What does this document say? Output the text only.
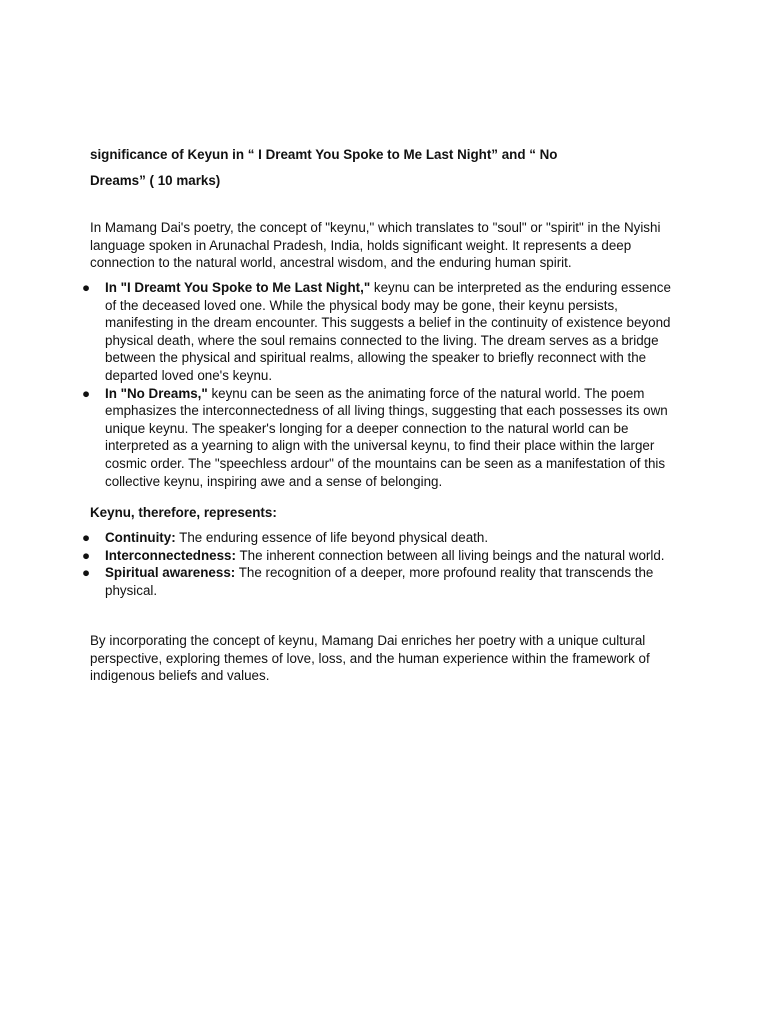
significance of Keyun in “ I Dreamt You Spoke to Me Last Night” and “ No
Dreams” ( 10 marks)
In Mamang Dai's poetry, the concept of "keynu," which translates to "soul" or "spirit" in the Nyishi language spoken in Arunachal Pradesh, India, holds significant weight. It represents a deep connection to the natural world, ancestral wisdom, and the enduring human spirit.
● In "I Dreamt You Spoke to Me Last Night," keynu can be interpreted as the enduring essence of the deceased loved one. While the physical body may be gone, their keynu persists, manifesting in the dream encounter. This suggests a belief in the continuity of existence beyond physical death, where the soul remains connected to the living. The dream serves as a bridge between the physical and spiritual realms, allowing the speaker to briefly reconnect with the departed loved one's keynu.
● In "No Dreams," keynu can be seen as the animating force of the natural world. The poem emphasizes the interconnectedness of all living things, suggesting that each possesses its own unique keynu. The speaker's longing for a deeper connection to the natural world can be interpreted as a yearning to align with the universal keynu, to find their place within the larger cosmic order. The "speechless ardour" of the mountains can be seen as a manifestation of this collective keynu, inspiring awe and a sense of belonging.
Keynu, therefore, represents:
● Continuity: The enduring essence of life beyond physical death.
● Interconnectedness: The inherent connection between all living beings and the natural world.
● Spiritual awareness: The recognition of a deeper, more profound reality that transcends the physical.
By incorporating the concept of keynu, Mamang Dai enriches her poetry with a unique cultural perspective, exploring themes of love, loss, and the human experience within the framework of indigenous beliefs and values.
